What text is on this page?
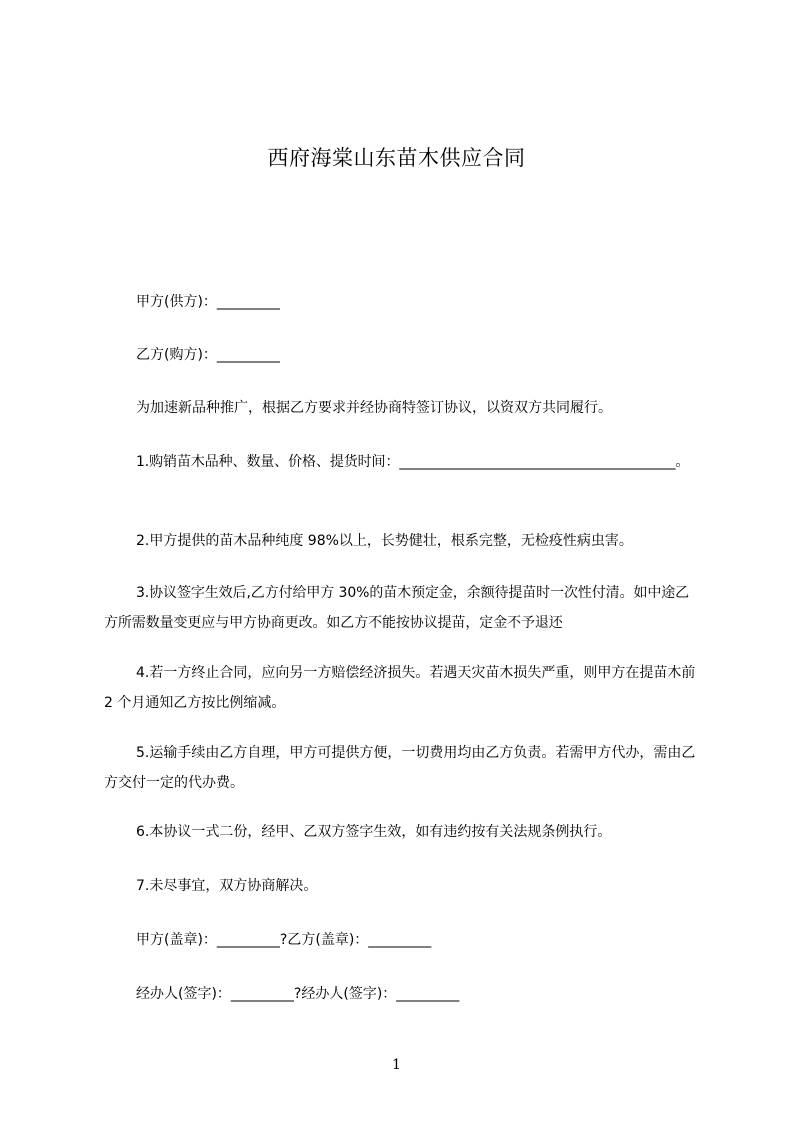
西府海棠山东苗木供应合同
甲方(供方)：_________
乙方(购方)：_________
为加速新品种推广，根据乙方要求并经协商特签订协议，以资双方共同履行。
1.购销苗木品种、数量、价格、提货时间：________________________________________。
2.甲方提供的苗木品种纯度 98%以上，长势健壮，根系完整，无检疫性病虫害。
3.协议签字生效后,乙方付给甲方 30%的苗木预定金，余额待提苗时一次性付清。如中途乙方所需数量变更应与甲方协商更改。如乙方不能按协议提苗，定金不予退还
4.若一方终止合同，应向另一方赔偿经济损失。若遇天灾苗木损失严重，则甲方在提苗木前 2 个月通知乙方按比例缩减。
5.运输手续由乙方自理，甲方可提供方便，一切费用均由乙方负责。若需甲方代办，需由乙方交付一定的代办费。
6.本协议一式二份，经甲、乙双方签字生效，如有违约按有关法规条例执行。
7.未尽事宜，双方协商解决。
甲方(盖章)：_________?乙方(盖章)：_________
经办人(签字)：_________?经办人(签字)：_________
1
